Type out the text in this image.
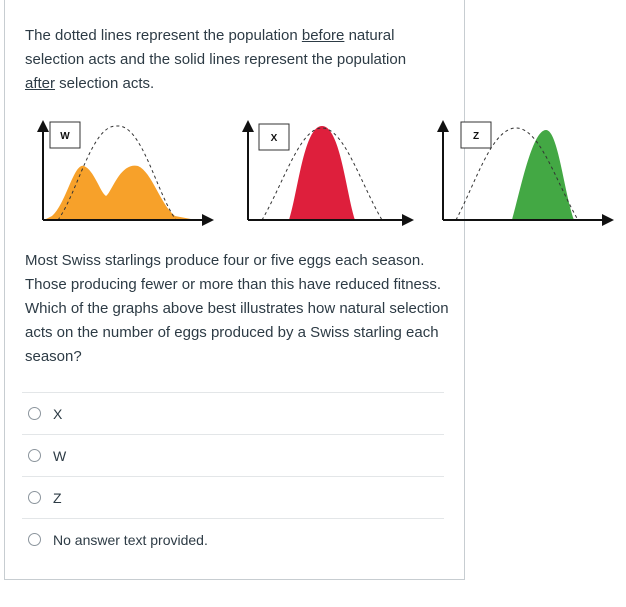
The dotted lines represent the population before natural selection acts and the solid lines represent the population after selection acts.

W	X	Z

Most Swiss starlings produce four or five eggs each season. Those producing fewer or more than this have reduced fitness. Which of the graphs above best illustrates how natural selection acts on the number of eggs produced by a Swiss starling each season?

X
W
Z
No answer text provided.
